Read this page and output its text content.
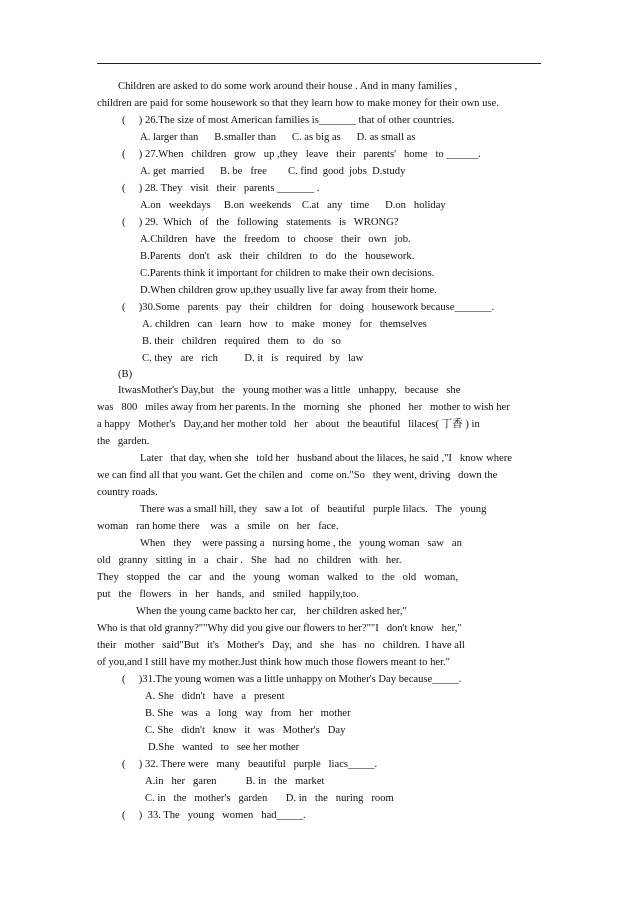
Children are asked to do some work around their house . And in many families ,
children are paid for some housework so that they learn how to make money for their own use.
(     ) 26.The size of most American families is_______ that of other countries.
A. larger than      B.smaller than      C. as big as      D. as small as
(     ) 27.When   children   grow   up ,they   leave   their   parents'   home   to ______.
A. get  married      B. be   free        C. find  good  jobs  D.study
(     ) 28. They   visit   their   parents _______ .
A.on   weekdays     B.on  weekends    C.at   any   time      D.on   holiday
(     ) 29.  Which   of   the   following   statements   is   WRONG?
A.Children   have   the   freedom   to   choose   their   own   job.
B.Parents   don't   ask   their   children   to   do   the   housework.
C.Parents think it important for children to make their own decisions.
D.When children grow up,they usually live far away from their home.
(     )30.Some   parents   pay   their   children   for   doing   housework because_______.
A. children   can   learn   how   to   make   money   for   themselves
B. their   children   required   them   to   do   so
C. they   are   rich          D. it   is   required   by   law
(B)
ItwasMother's Day,but   the   young mother was a little   unhappy,   because   she
was   800   miles away from her parents. In the   morning   she   phoned   her   mother to wish her
a happy   Mother's   Day,and her mother told   her   about   the beautiful   lilaces( 丁香 ) in
the   garden.
Later   that day, when she   told her   husband about the lilaces, he said ,"I   know where
we can find all that you want. Get the chilen and   come on."So   they went, driving   down the
country roads.
There was a small hill, they   saw a lot   of   beautiful   purple lilacs.   The   young
woman   ran home there    was   a   smile   on   her   face.
When   they    were passing a   nursing home , the   young woman   saw   an
old   granny   sitting  in   a   chair .   She   had   no   children   with   her.
They   stopped   the   car   and   the   young   woman   walked   to   the   old   woman,
put   the   flowers   in   her   hands,  and   smiled   happily,too.
When the young came backto her car,    her children asked her,"
Who is that old granny?""Why did you give our flowers to her?""I   don't know   her,"
their   mother   said"But   it's   Mother's   Day,  and   she   has   no   children.  I have all
of you,and I still have my mother.Just think how much those flowers meant to her."
(     )31.The young women was a little unhappy on Mother's Day because_____.
A. She   didn't   have   a   present
B. She   was   a   long   way   from   her   mother
C. She   didn't   know   it   was   Mother's   Day
D.She   wanted   to   see her mother
(     ) 32. There were   many   beautiful   purple   liacs_____.
A.in   her   garen           B. in   the   market
C. in   the   mother's   garden       D. in   the   nuring   room
(     )  33. The   young   women   had_____.
